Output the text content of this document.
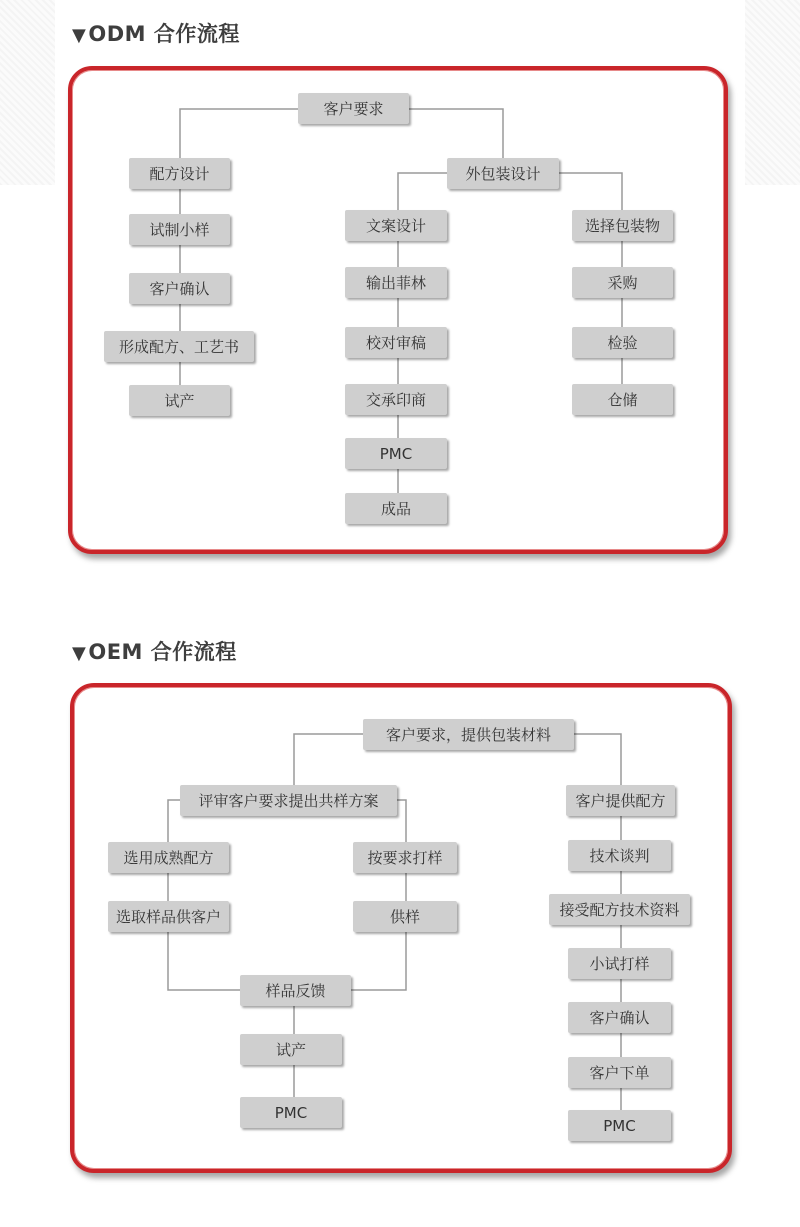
▼ODM 合作流程
客户要求
配方设计
试制小样
客户确认
形成配方、工艺书
试产
外包装设计
文案设计
输出菲林
校对审稿
交承印商
PMC
成品
选择包装物
采购
检验
仓储
▼OEM 合作流程
客户要求，提供包装材料
评审客户要求提出共样方案
选用成熟配方
选取样品供客户
按要求打样
供样
样品反馈
试产
PMC
客户提供配方
技术谈判
接受配方技术资料
小试打样
客户确认
客户下单
PMC
